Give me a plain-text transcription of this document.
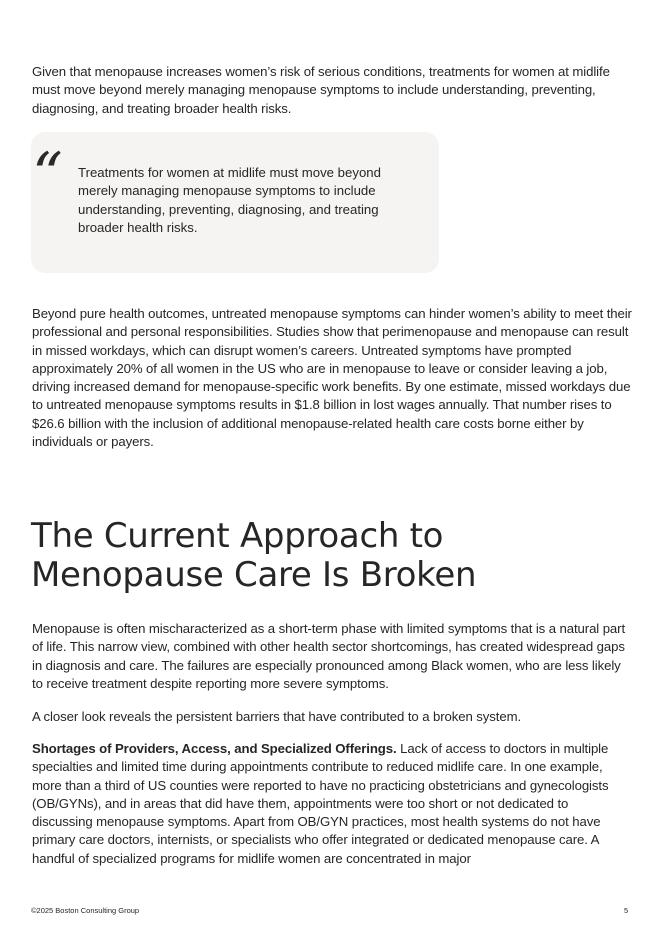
Given that menopause increases women’s risk of serious conditions, treatments for women at midlife must move beyond merely managing menopause symptoms to include understanding, preventing, diagnosing, and treating broader health risks.

“ Treatments for women at midlife must move beyond merely managing menopause symptoms to include understanding, preventing, diagnosing, and treating broader health risks.

Beyond pure health outcomes, untreated menopause symptoms can hinder women’s ability to meet their professional and personal responsibilities. Studies show that perimenopause and menopause can result in missed workdays, which can disrupt women’s careers. Untreated symptoms have prompted approximately 20% of all women in the US who are in menopause to leave or consider leaving a job, driving increased demand for menopause-specific work benefits. By one estimate, missed workdays due to untreated menopause symptoms results in $1.8 billion in lost wages annually. That number rises to $26.6 billion with the inclusion of additional menopause-related health care costs borne either by individuals or payers.

The Current Approach to
Menopause Care Is Broken

Menopause is often mischaracterized as a short-term phase with limited symptoms that is a natural part of life. This narrow view, combined with other health sector shortcomings, has created widespread gaps in diagnosis and care. The failures are especially pronounced among Black women, who are less likely to receive treatment despite reporting more severe symptoms.

A closer look reveals the persistent barriers that have contributed to a broken system.

Shortages of Providers, Access, and Specialized Offerings. Lack of access to doctors in multiple specialties and limited time during appointments contribute to reduced midlife care. In one example, more than a third of US counties were reported to have no practicing obstetricians and gynecologists (OB/GYNs), and in areas that did have them, appointments were too short or not dedicated to discussing menopause symptoms. Apart from OB/GYN practices, most health systems do not have primary care doctors, internists, or specialists who offer integrated or dedicated menopause care. A handful of specialized programs for midlife women are concentrated in major

©2025 Boston Consulting Group	5
